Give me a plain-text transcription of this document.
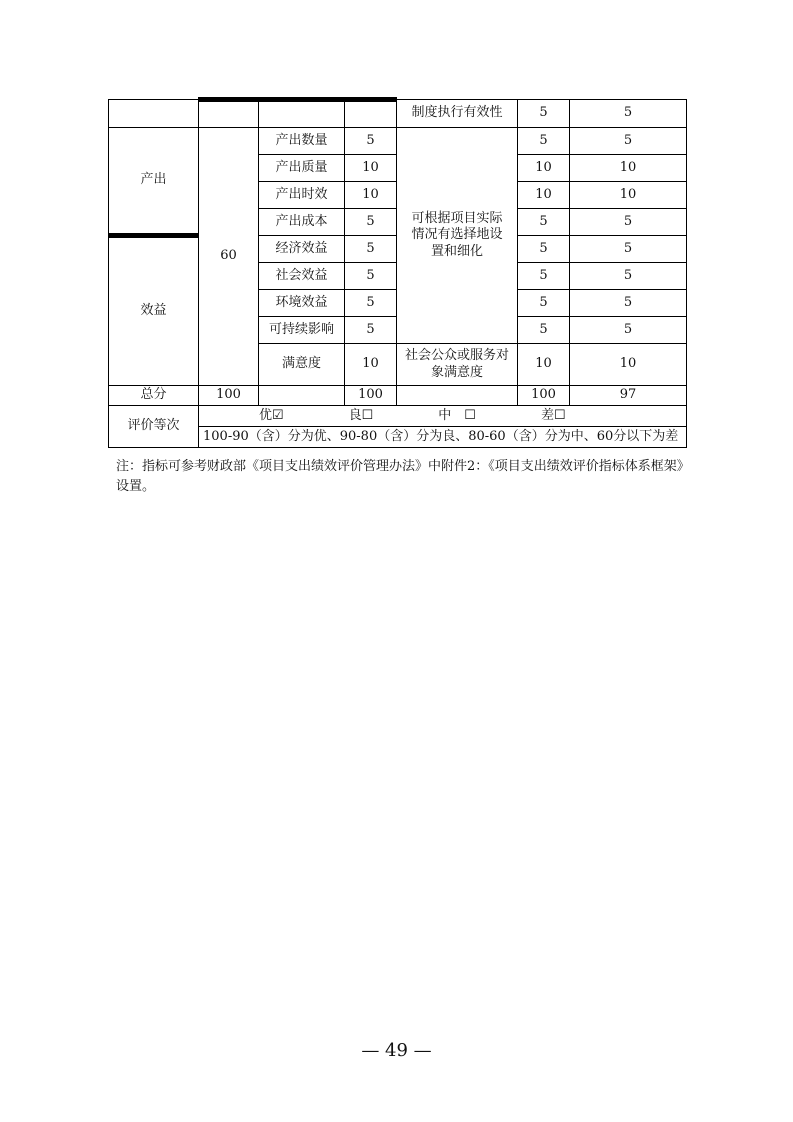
				制度执行有效性	5	5
产出	60	产出数量	5	可根据项目实际情况有选择地设置和细化	5	5
		产出质量	10		10	10
		产出时效	10		10	10
		产出成本	5		5	5
效益		经济效益	5		5	5
		社会效益	5		5	5
		环境效益	5		5	5
		可持续影响	5		5	5
		满意度	10	社会公众或服务对象满意度	10	10
总分	100		100		100	97
评价等次	优☑　　　　　良☐　　　　　中　☐　　　　　差☐					
	100-90（含）分为优、90-80（含）分为良、80-60（含）分为中、60分以下为差					
注：指标可参考财政部《项目支出绩效评价管理办法》中附件2：《项目支出绩效评价指标体系框架》设置。
— 49 —
